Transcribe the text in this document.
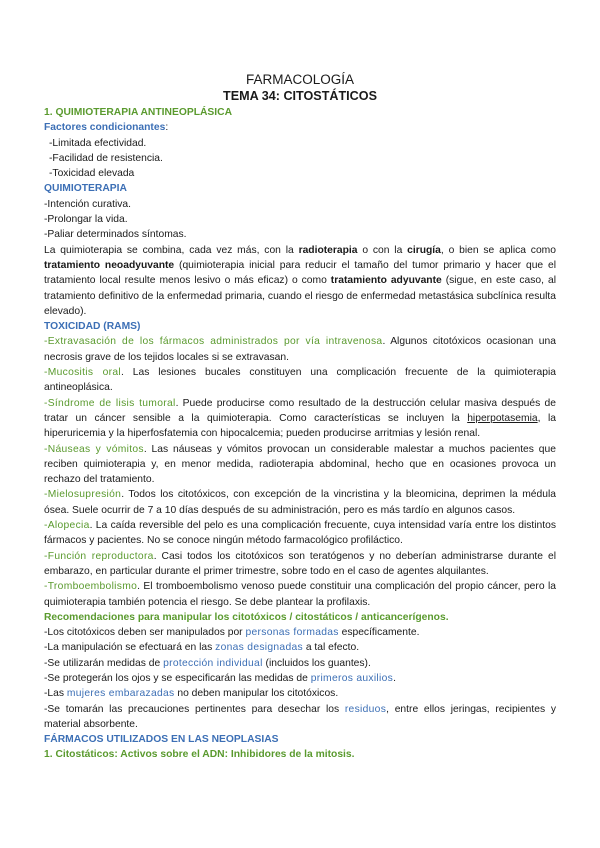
FARMACOLOGÍA
TEMA 34: CITOSTÁTICOS
1. QUIMIOTERAPIA ANTINEOPLÁSICA
Factores condicionantes:
-Limitada efectividad.
-Facilidad de resistencia.
-Toxicidad elevada
QUIMIOTERAPIA
-Intención curativa.
-Prolongar la vida.
-Paliar determinados síntomas.

La quimioterapia se combina, cada vez más, con la radioterapia o con la cirugía, o bien se aplica como tratamiento neoadyuvante (quimioterapia inicial para reducir el tamaño del tumor primario y hacer que el tratamiento local resulte menos lesivo o más eficaz) o como tratamiento adyuvante (sigue, en este caso, al tratamiento definitivo de la enfermedad primaria, cuando el riesgo de enfermedad metastásica subclínica resulta elevado).

TOXICIDAD (RAMS)

-Extravasación de los fármacos administrados por vía intravenosa. Algunos citotóxicos ocasionan una necrosis grave de los tejidos locales si se extravasan.

-Mucositis oral. Las lesiones bucales constituyen una complicación frecuente de la quimioterapia antineoplásica.

-Síndrome de lisis tumoral. Puede producirse como resultado de la destrucción celular masiva después de tratar un cáncer sensible a la quimioterapia. Como características se incluyen la hiperpotasemia, la hiperuricemia y la hiperfosfatemia con hipocalcemia; pueden producirse arritmias y lesión renal.

-Náuseas y vómitos. Las náuseas y vómitos provocan un considerable malestar a muchos pacientes que reciben quimioterapia y, en menor medida, radioterapia abdominal, hecho que en ocasiones provoca un rechazo del tratamiento.

-Mielosupresión. Todos los citotóxicos, con excepción de la vincristina y la bleomicina, deprimen la médula ósea. Suele ocurrir de 7 a 10 días después de su administración, pero es más tardío en algunos casos.

-Alopecia. La caída reversible del pelo es una complicación frecuente, cuya intensidad varía entre los distintos fármacos y pacientes. No se conoce ningún método farmacológico profiláctico.

-Función reproductora. Casi todos los citotóxicos son teratógenos y no deberían administrarse durante el embarazo, en particular durante el primer trimestre, sobre todo en el caso de agentes alquilantes.

-Tromboembolismo. El tromboembolismo venoso puede constituir una complicación del propio cáncer, pero la quimioterapia también potencia el riesgo. Se debe plantear la profilaxis.

Recomendaciones para manipular los citotóxicos / citostáticos / anticancerígenos.
-Los citotóxicos deben ser manipulados por personas formadas específicamente.
-La manipulación se efectuará en las zonas designadas a tal efecto.
-Se utilizarán medidas de protección individual (incluidos los guantes).
-Se protegerán los ojos y se especificarán las medidas de primeros auxilios.
-Las mujeres embarazadas no deben manipular los citotóxicos.

-Se tomarán las precauciones pertinentes para desechar los residuos, entre ellos jeringas, recipientes y material absorbente.

FÁRMACOS UTILIZADOS EN LAS NEOPLASIAS
1. Citostáticos: Activos sobre el ADN: Inhibidores de la mitosis.
